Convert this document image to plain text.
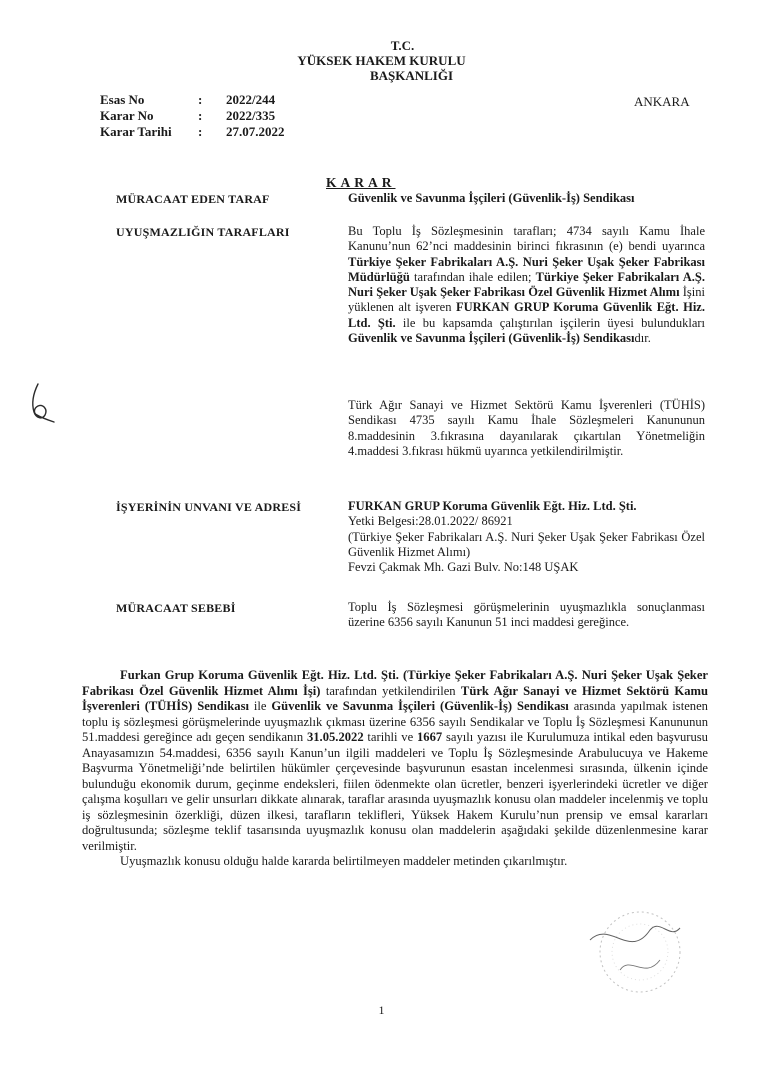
T.C.
YÜKSEK HAKEM KURULU
BAŞKANLIĞI
Esas No	: 2022/244
Karar No	: 2022/335
Karar Tarihi : 27.07.2022
ANKARA
KARAR
MÜRACAAT EDEN TARAF	Güvenlik ve Savunma İşçileri (Güvenlik-İş) Sendikası
UYUŞMAZLIĞIN TARAFLARI	Bu Toplu İş Sözleşmesinin tarafları; 4734 sayılı Kamu İhale Kanunu’nun 62’nci maddesinin birinci fıkrasının (e) bendi uyarınca Türkiye Şeker Fabrikaları A.Ş. Nuri Şeker Uşak Şeker Fabrikası Müdürlüğü tarafından ihale edilen; Türkiye Şeker Fabrikaları A.Ş. Nuri Şeker Uşak Şeker Fabrikası Özel Güvenlik Hizmet Alımı İşini yüklenen alt işveren FURKAN GRUP Koruma Güvenlik Eğt. Hiz. Ltd. Şti. ile bu kapsamda çalıştırılan işçilerin üyesi bulundukları Güvenlik ve Savunma İşçileri (Güvenlik-İş) Sendikasıdır.
Türk Ağır Sanayi ve Hizmet Sektörü Kamu İşverenleri (TÜHİS) Sendikası 4735 sayılı Kamu İhale Sözleşmeleri Kanununun 8.maddesinin 3.fıkrasına dayanılarak çıkartılan Yönetmeliğin 4.maddesi 3.fıkrası hükmü uyarınca yetkilendirilmiştir.
İŞYERİNİN UNVANI VE ADRESİ	FURKAN GRUP Koruma Güvenlik Eğt. Hiz. Ltd. Şti.
Yetki Belgesi:28.01.2022/ 86921
(Türkiye Şeker Fabrikaları A.Ş. Nuri Şeker Uşak Şeker Fabrikası Özel Güvenlik Hizmet Alımı)
Fevzi Çakmak Mh. Gazi Bulv. No:148 UŞAK
MÜRACAAT SEBEBİ	Toplu İş Sözleşmesi görüşmelerinin uyuşmazlıkla sonuçlanması üzerine 6356 sayılı Kanunun 51 inci maddesi gereğince.

Furkan Grup Koruma Güvenlik Eğt. Hiz. Ltd. Şti. (Türkiye Şeker Fabrikaları A.Ş. Nuri Şeker Uşak Şeker Fabrikası Özel Güvenlik Hizmet Alımı İşi) tarafından yetkilendirilen Türk Ağır Sanayi ve Hizmet Sektörü Kamu İşverenleri (TÜHİS) Sendikası ile Güvenlik ve Savunma İşçileri (Güvenlik-İş) Sendikası arasında yapılmak istenen toplu iş sözleşmesi görüşmelerinde uyuşmazlık çıkması üzerine 6356 sayılı Sendikalar ve Toplu İş Sözleşmesi Kanununun 51.maddesi gereğince adı geçen sendikanın 31.05.2022 tarihli ve 1667 sayılı yazısı ile Kurulumuza intikal eden başvurusu Anayasamızın 54.maddesi, 6356 sayılı Kanun’un ilgili maddeleri ve Toplu İş Sözleşmesinde Arabulucuya ve Hakeme Başvurma Yönetmeliği’nde belirtilen hükümler çerçevesinde başvurunun esastan incelenmesi sırasında, ülkenin içinde bulunduğu ekonomik durum, geçinme endeksleri, fiilen ödenmekte olan ücretler, benzeri işyerlerindeki ücretler ve diğer çalışma koşulları ve gelir unsurları dikkate alınarak, taraflar arasında uyuşmazlık konusu olan maddeler incelenmiş ve toplu iş sözleşmesinin özerkliği, düzen ilkesi, tarafların teklifleri, Yüksek Hakem Kurulu’nun prensip ve emsal kararları doğrultusunda; sözleşme teklif tasarısında uyuşmazlık konusu olan maddelerin aşağıdaki şekilde düzenlenmesine karar verilmiştir.

Uyuşmazlık konusu olduğu halde kararda belirtilmeyen maddeler metinden çıkarılmıştır.

1
